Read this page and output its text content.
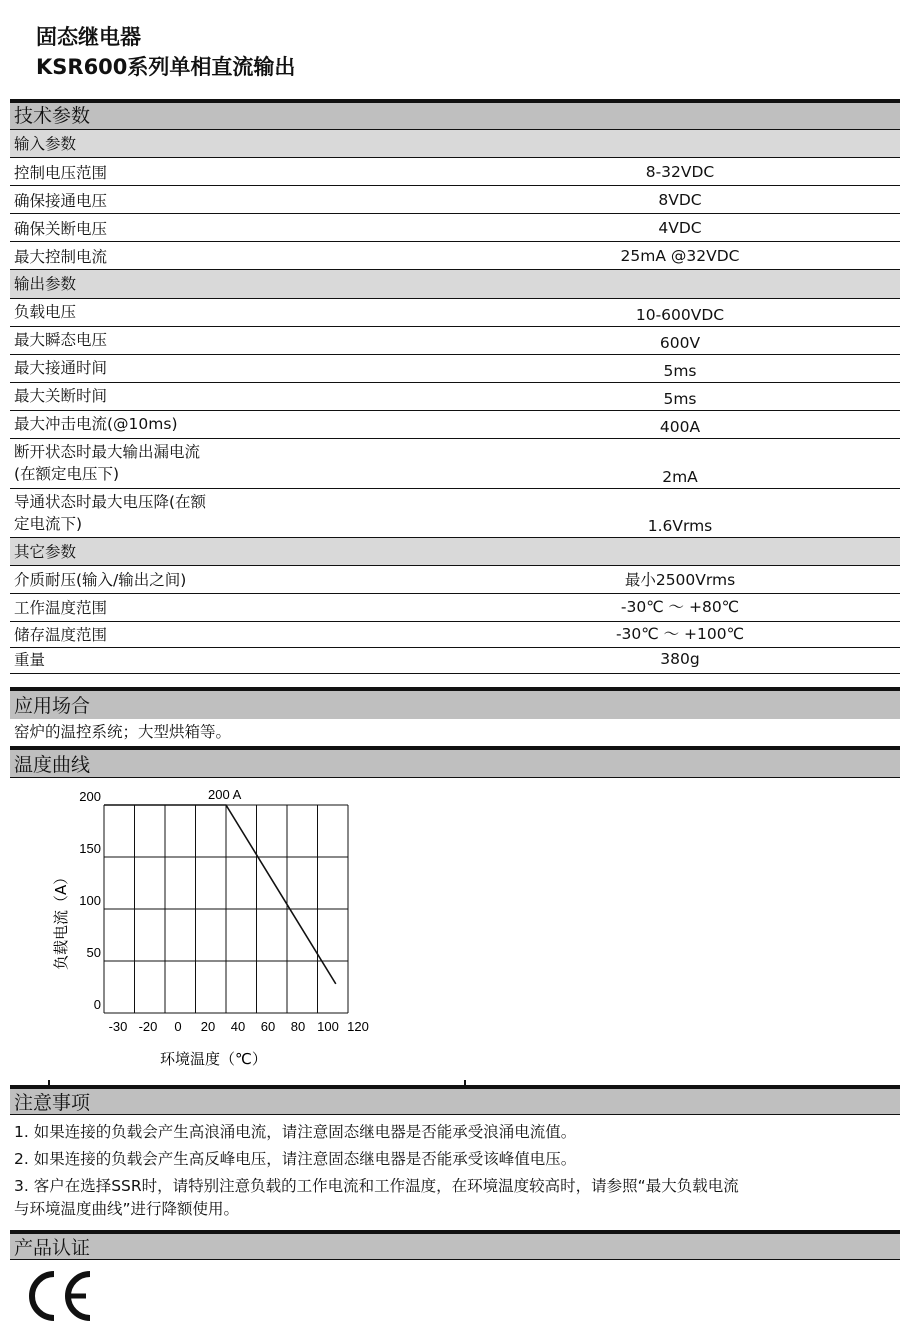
固态继电器
KSR600系列单相直流输出
技术参数
输入参数
控制电压范围	8-32VDC
确保接通电压	8VDC
确保关断电压	4VDC
最大控制电流	25mA @32VDC
输出参数
负载电压	10-600VDC
最大瞬态电压	600V
最大接通时间	5ms
最大关断时间	5ms
最大冲击电流(@10ms)	400A
断开状态时最大输出漏电流
(在额定电压下)	2mA
导通状态时最大电压降(在额
定电流下)	1.6Vrms
其它参数
介质耐压(输入/输出之间)	最小2500Vrms
工作温度范围	-30℃ ～ +80℃
储存温度范围	-30℃ ～ +100℃
重量	380g
应用场合
窑炉的温控系统；大型烘箱等。
温度曲线
0
50
100
150
200
-30 -20 0 20 40 60 80 100 120
200 A
负载电流（A）
环境温度（℃）
注意事项
1. 如果连接的负载会产生高浪涌电流，请注意固态继电器是否能承受浪涌电流值。
2. 如果连接的负载会产生高反峰电压，请注意固态继电器是否能承受该峰值电压。
3. 客户在选择SSR时，请特别注意负载的工作电流和工作温度，在环境温度较高时，请参照“最大负载电流
与环境温度曲线”进行降额使用。
产品认证
